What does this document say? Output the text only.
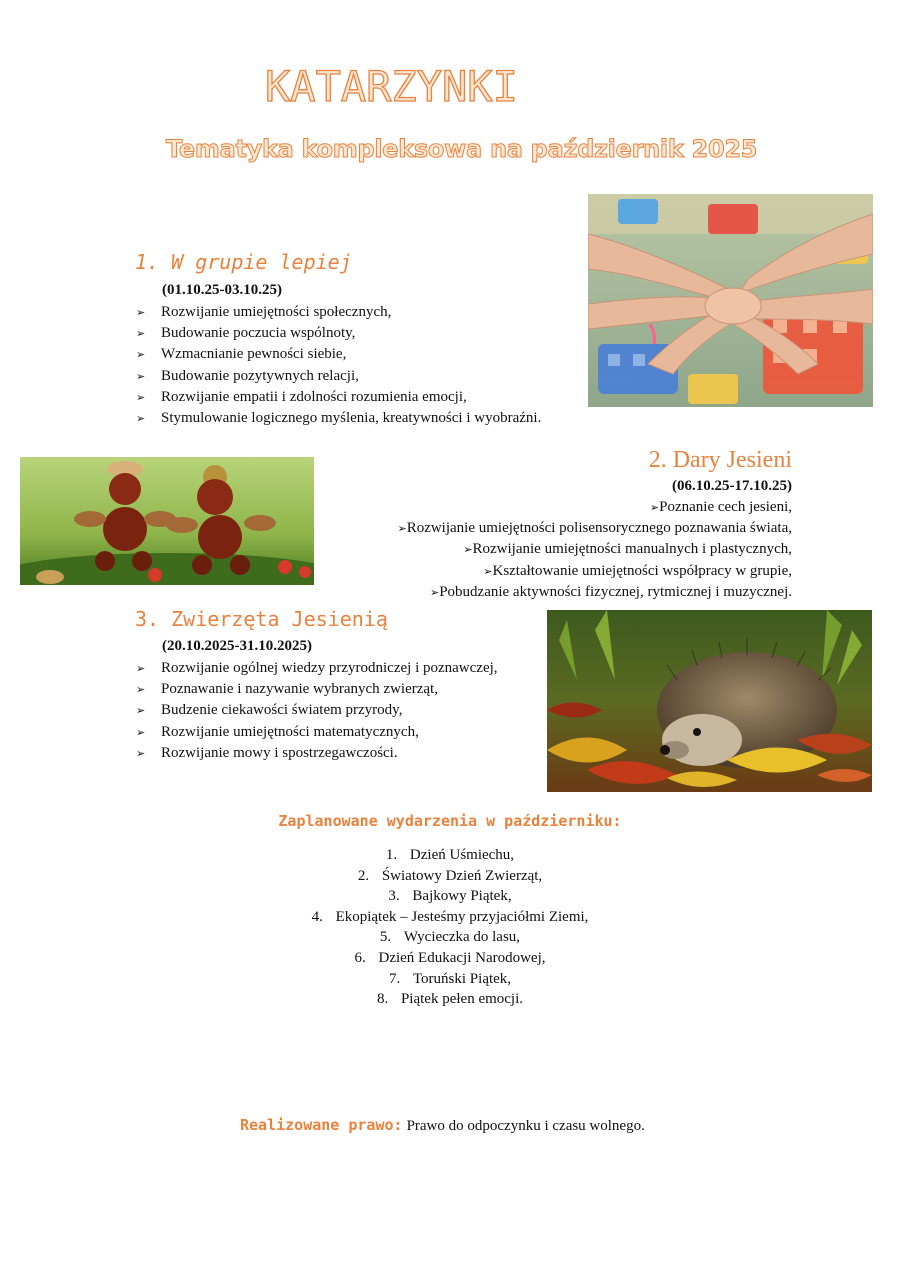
KATARZYNKI
Tematyka kompleksowa na październik 2025
1. W grupie lepiej
(01.10.25-03.10.25)
➢ Rozwijanie umiejętności społecznych,
➢ Budowanie poczucia wspólnoty,
➢ Wzmacnianie pewności siebie,
➢ Budowanie pozytywnych relacji,
➢ Rozwijanie empatii i zdolności rozumienia emocji,
➢ Stymulowanie logicznego myślenia, kreatywności i wyobraźni.
2. Dary Jesieni
(06.10.25-17.10.25)
➢Poznanie cech jesieni,
➢Rozwijanie umiejętności polisensorycznego poznawania świata,
➢Rozwijanie umiejętności manualnych i plastycznych,
➢Kształtowanie umiejętności współpracy w grupie,
➢Pobudzanie aktywności fizycznej, rytmicznej i muzycznej.
3. Zwierzęta Jesienią
(20.10.2025-31.10.2025)
➢ Rozwijanie ogólnej wiedzy przyrodniczej i poznawczej,
➢ Poznawanie i nazywanie wybranych zwierząt,
➢ Budzenie ciekawości światem przyrody,
➢ Rozwijanie umiejętności matematycznych,
➢ Rozwijanie mowy i spostrzegawczości.
Zaplanowane wydarzenia w październiku:
1. Dzień Uśmiechu,
2. Światowy Dzień Zwierząt,
3. Bajkowy Piątek,
4. Ekopiątek – Jesteśmy przyjaciółmi Ziemi,
5. Wycieczka do lasu,
6. Dzień Edukacji Narodowej,
7. Toruński Piątek,
8. Piątek pełen emocji.
Realizowane prawo: Prawo do odpoczynku i czasu wolnego.
